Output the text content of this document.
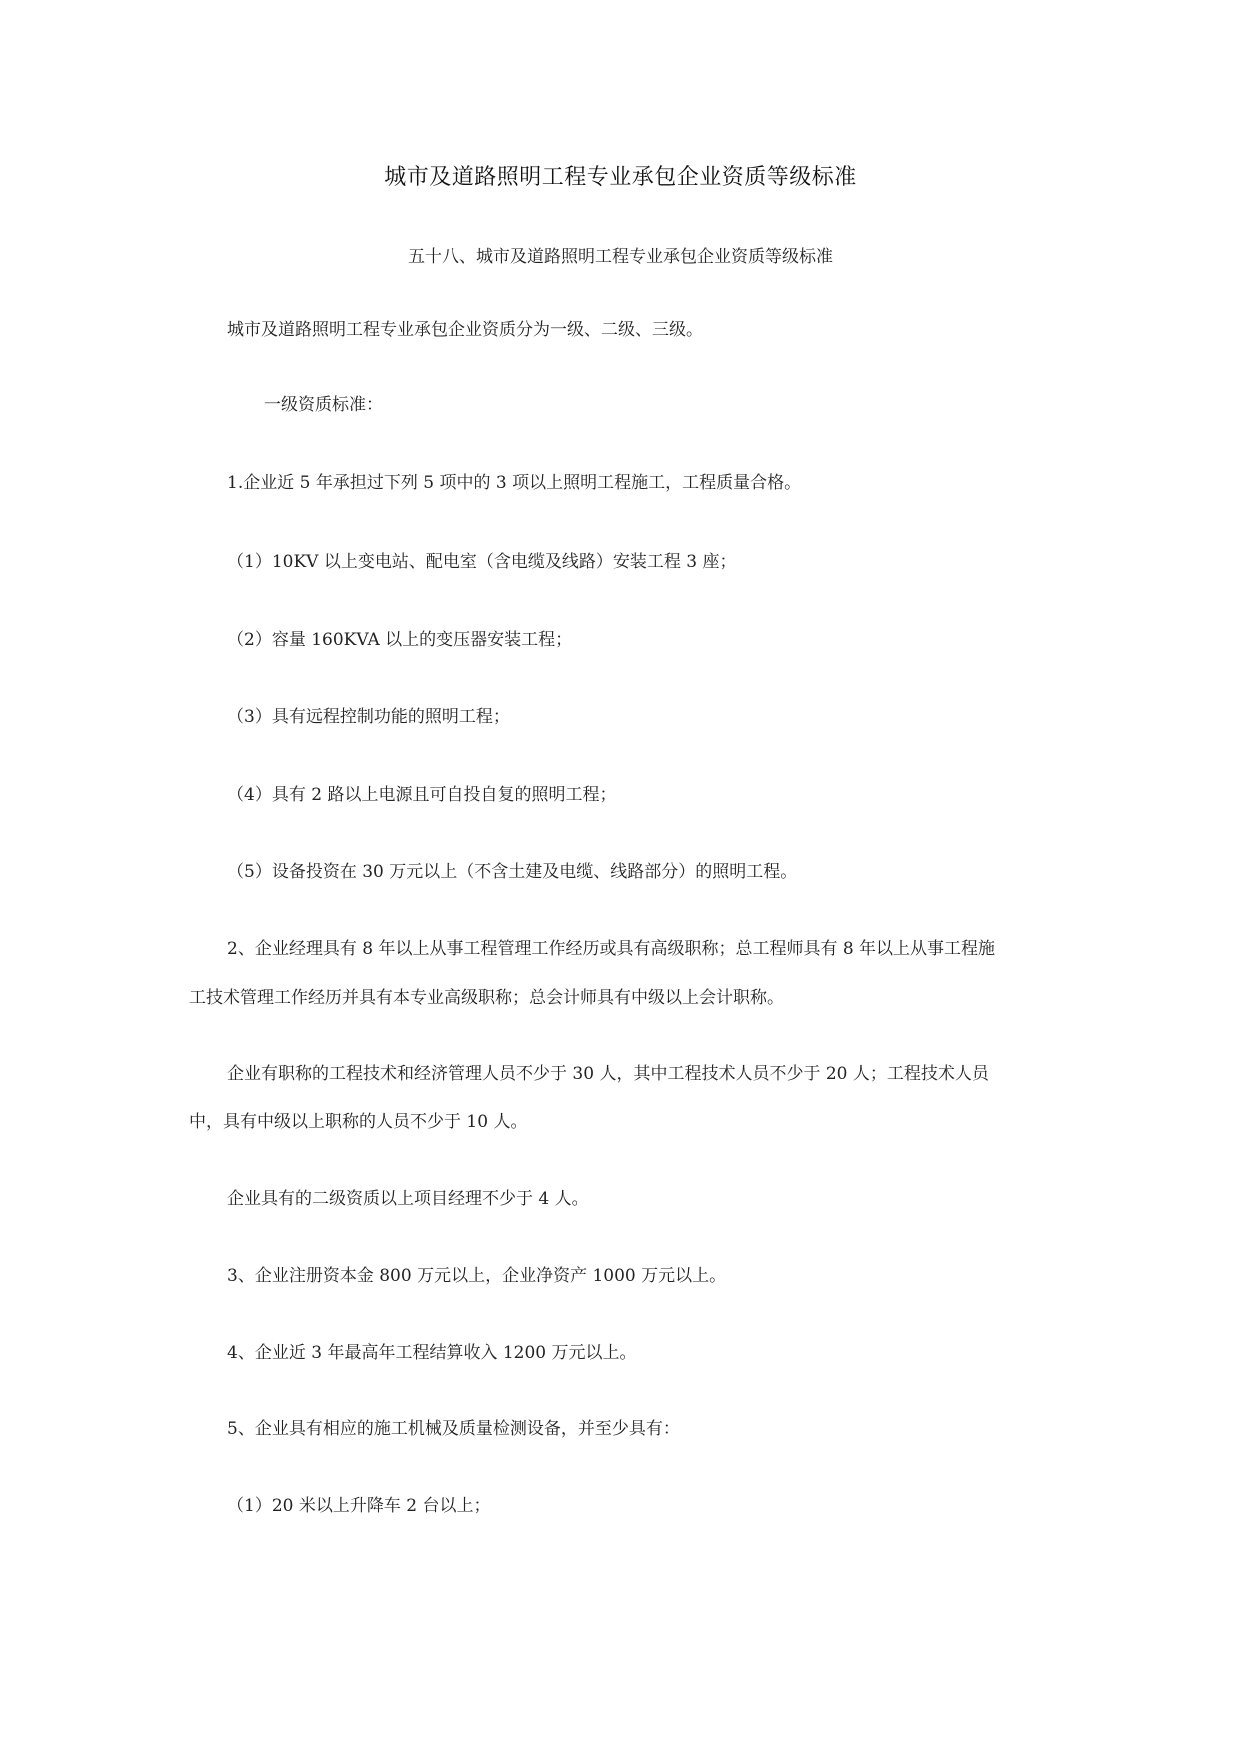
城市及道路照明工程专业承包企业资质等级标准
五十八、城市及道路照明工程专业承包企业资质等级标准
城市及道路照明工程专业承包企业资质分为一级、二级、三级。
一级资质标准：
1.企业近 5 年承担过下列 5 项中的 3 项以上照明工程施工，工程质量合格。
（1）10KV 以上变电站、配电室（含电缆及线路）安装工程 3 座；
（2）容量 160KVA 以上的变压器安装工程；
（3）具有远程控制功能的照明工程；
（4）具有 2 路以上电源且可自投自复的照明工程；
（5）设备投资在 30 万元以上（不含土建及电缆、线路部分）的照明工程。
2、企业经理具有 8 年以上从事工程管理工作经历或具有高级职称；总工程师具有 8 年以上从事工程施
工技术管理工作经历并具有本专业高级职称；总会计师具有中级以上会计职称。
企业有职称的工程技术和经济管理人员不少于 30 人，其中工程技术人员不少于 20 人；工程技术人员
中，具有中级以上职称的人员不少于 10 人。
企业具有的二级资质以上项目经理不少于 4 人。
3、企业注册资本金 800 万元以上，企业净资产 1000 万元以上。
4、企业近 3 年最高年工程结算收入 1200 万元以上。
5、企业具有相应的施工机械及质量检测设备，并至少具有：
（1）20 米以上升降车 2 台以上；
